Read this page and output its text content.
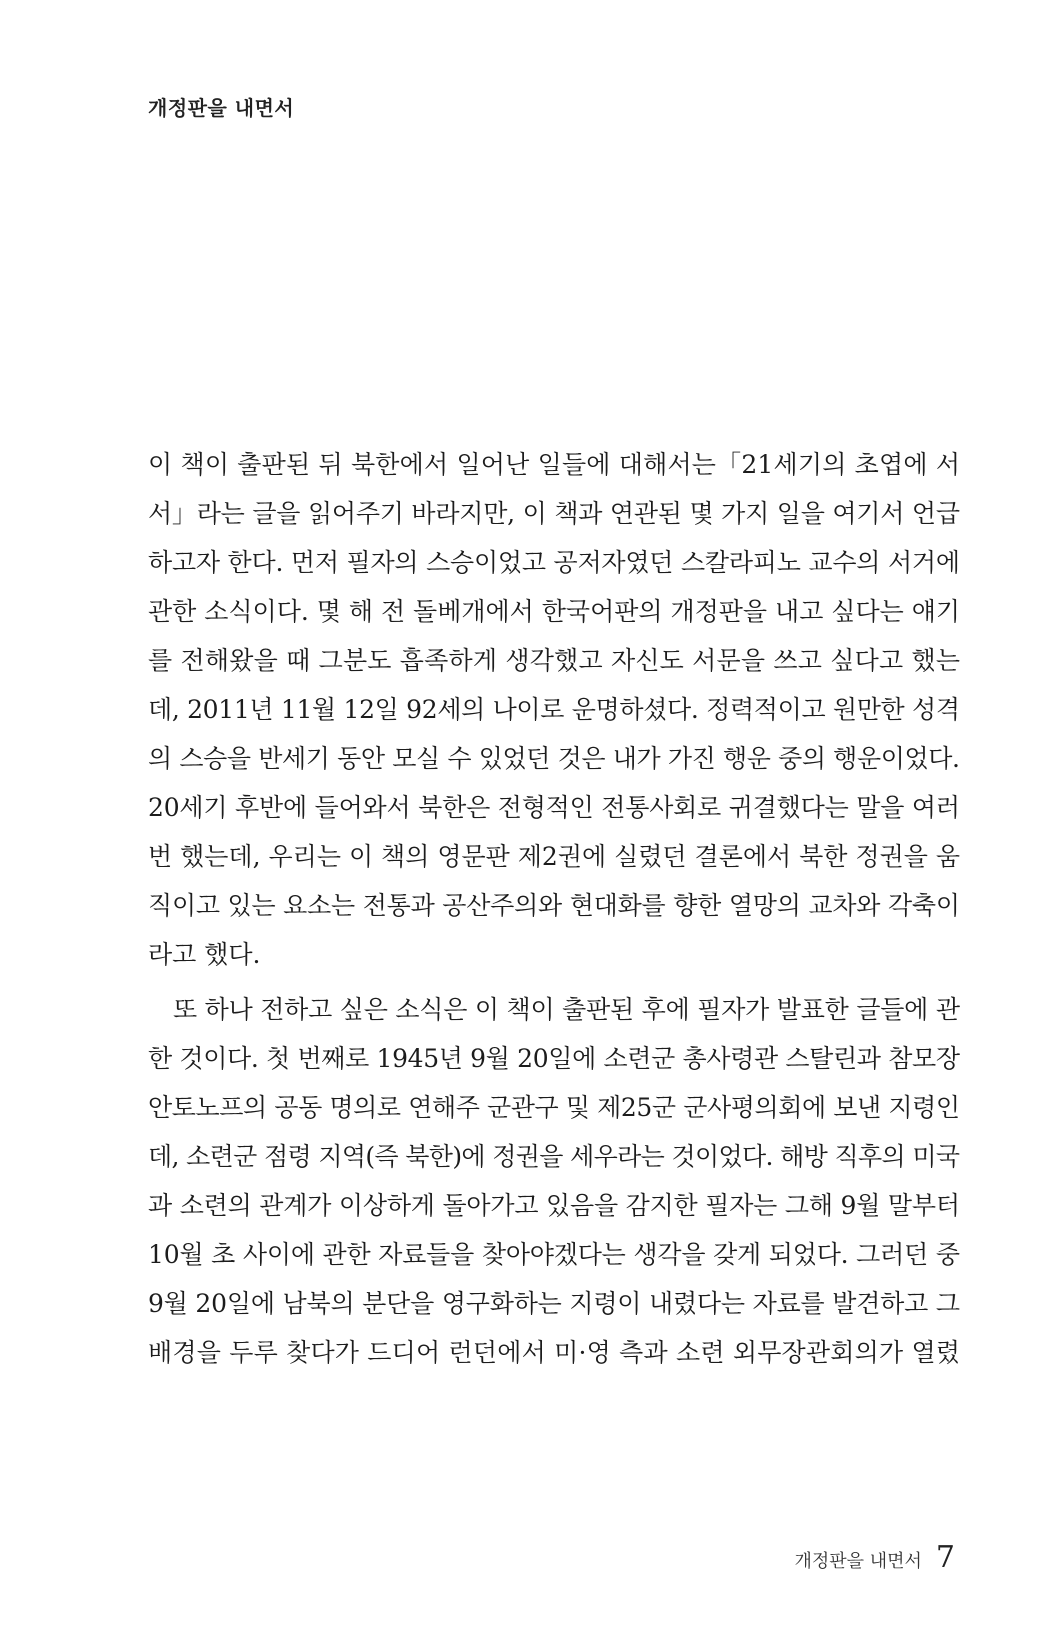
개정판을 내면서
이 책이 출판된 뒤 북한에서 일어난 일들에 대해서는「21세기의 초엽에 서
서」라는 글을 읽어주기 바라지만, 이 책과 연관된 몇 가지 일을 여기서 언급
하고자 한다. 먼저 필자의 스승이었고 공저자였던 스칼라피노 교수의 서거에
관한 소식이다. 몇 해 전 돌베개에서 한국어판의 개정판을 내고 싶다는 얘기
를 전해왔을 때 그분도 흡족하게 생각했고 자신도 서문을 쓰고 싶다고 했는
데, 2011년 11월 12일 92세의 나이로 운명하셨다. 정력적이고 원만한 성격
의 스승을 반세기 동안 모실 수 있었던 것은 내가 가진 행운 중의 행운이었다.
20세기 후반에 들어와서 북한은 전형적인 전통사회로 귀결했다는 말을 여러
번 했는데, 우리는 이 책의 영문판 제2권에 실렸던 결론에서 북한 정권을 움
직이고 있는 요소는 전통과 공산주의와 현대화를 향한 열망의 교차와 각축이
라고 했다.
또 하나 전하고 싶은 소식은 이 책이 출판된 후에 필자가 발표한 글들에 관
한 것이다. 첫 번째로 1945년 9월 20일에 소련군 총사령관 스탈린과 참모장
안토노프의 공동 명의로 연해주 군관구 및 제25군 군사평의회에 보낸 지령인
데, 소련군 점령 지역(즉 북한)에 정권을 세우라는 것이었다. 해방 직후의 미국
과 소련의 관계가 이상하게 돌아가고 있음을 감지한 필자는 그해 9월 말부터
10월 초 사이에 관한 자료들을 찾아야겠다는 생각을 갖게 되었다. 그러던 중
9월 20일에 남북의 분단을 영구화하는 지령이 내렸다는 자료를 발견하고 그
배경을 두루 찾다가 드디어 런던에서 미·영 측과 소련 외무장관회의가 열렸
개정판을 내면서 7
